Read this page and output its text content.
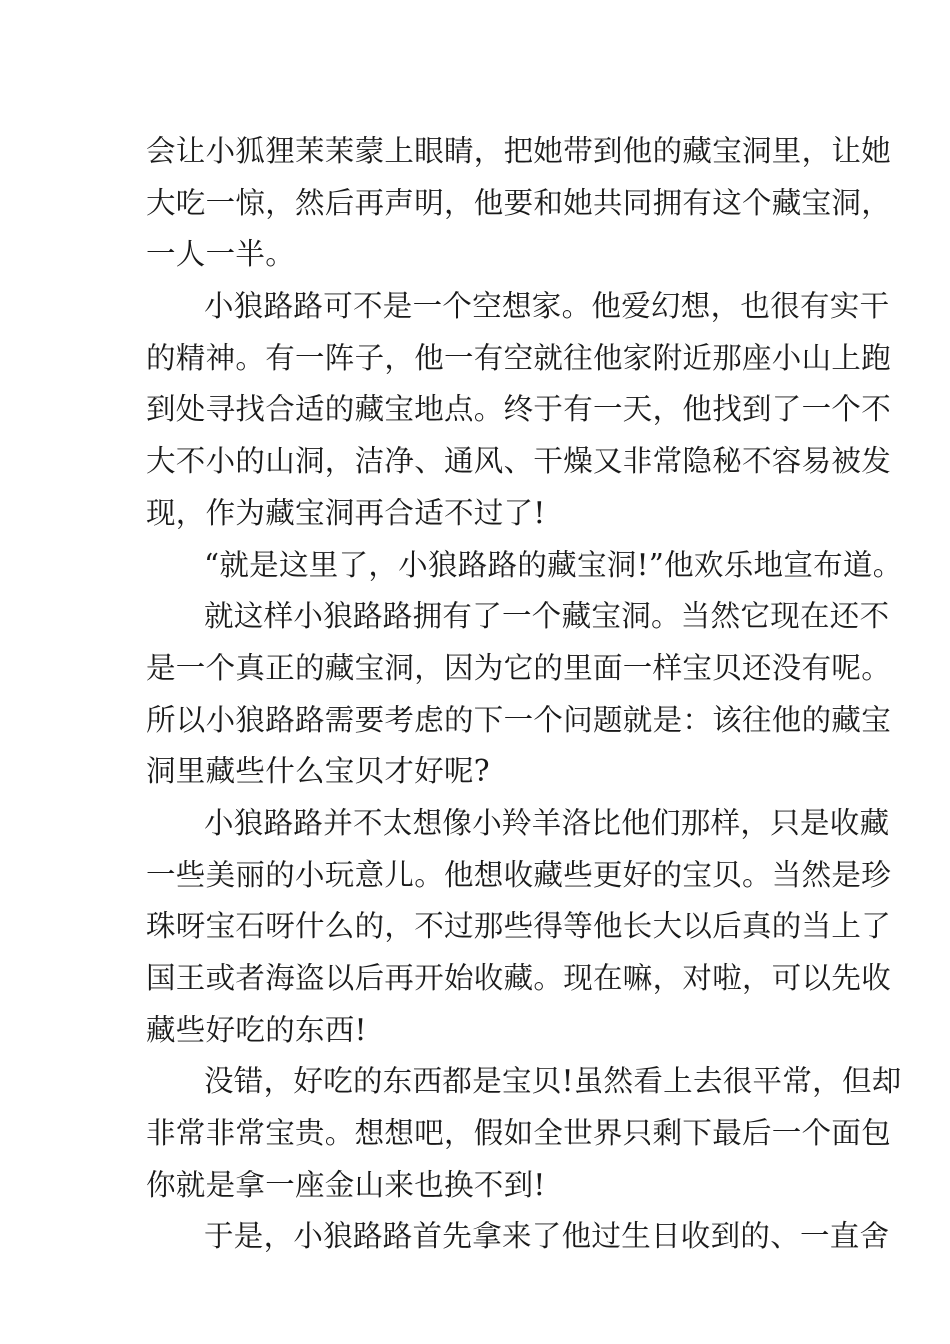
会让小狐狸茉茉蒙上眼睛，把她带到他的藏宝洞里，让她
大吃一惊，然后再声明，他要和她共同拥有这个藏宝洞，
一人一半。
小狼路路可不是一个空想家。他爱幻想，也很有实干
的精神。有一阵子，他一有空就往他家附近那座小山上跑
到处寻找合适的藏宝地点。终于有一天，他找到了一个不
大不小的山洞，洁净、通风、干燥又非常隐秘不容易被发
现，作为藏宝洞再合适不过了!
“就是这里了，小狼路路的藏宝洞!”他欢乐地宣布道。
就这样小狼路路拥有了一个藏宝洞。当然它现在还不
是一个真正的藏宝洞，因为它的里面一样宝贝还没有呢。
所以小狼路路需要考虑的下一个问题就是：该往他的藏宝
洞里藏些什么宝贝才好呢?
小狼路路并不太想像小羚羊洛比他们那样，只是收藏
一些美丽的小玩意儿。他想收藏些更好的宝贝。当然是珍
珠呀宝石呀什么的，不过那些得等他长大以后真的当上了
国王或者海盗以后再开始收藏。现在嘛，对啦，可以先收
藏些好吃的东西!
没错，好吃的东西都是宝贝!虽然看上去很平常，但却
非常非常宝贵。想想吧，假如全世界只剩下最后一个面包
你就是拿一座金山来也换不到!
于是，小狼路路首先拿来了他过生日收到的、一直舍
